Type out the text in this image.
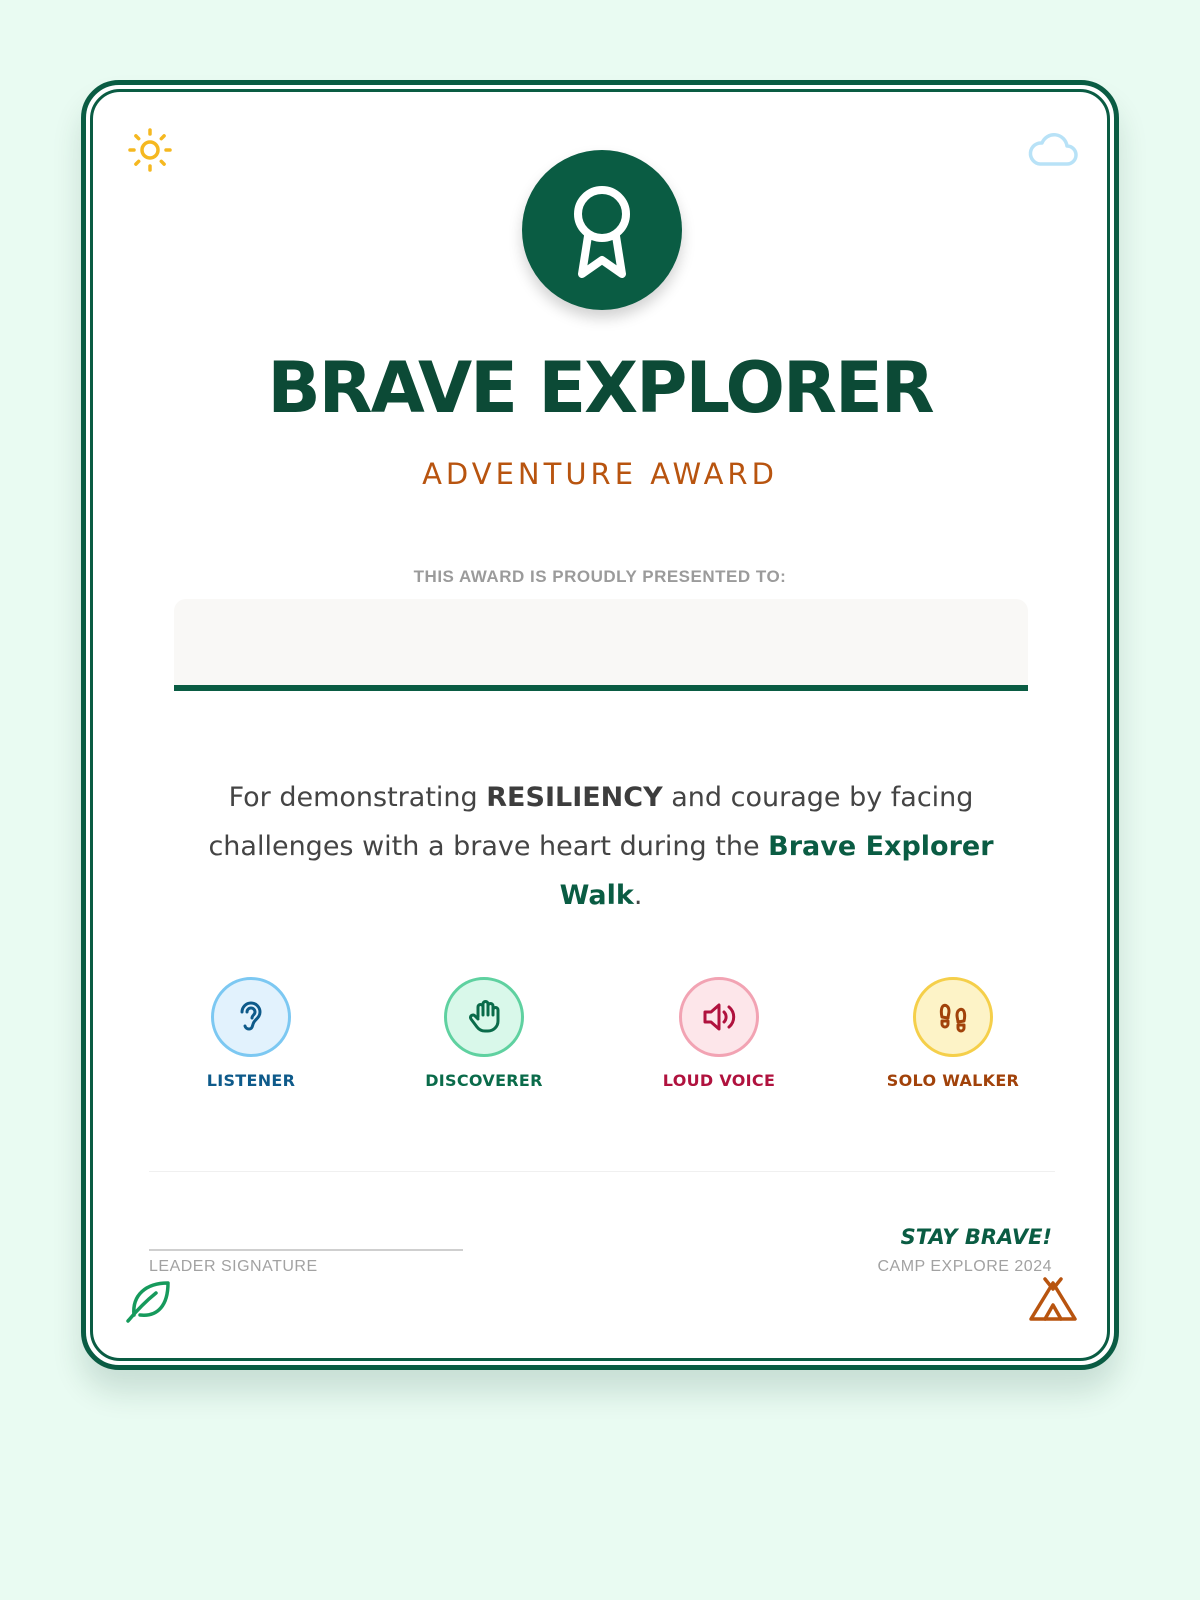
BRAVE EXPLORER
ADVENTURE AWARD
THIS AWARD IS PROUDLY PRESENTED TO:
For demonstrating RESILIENCY and courage by facing challenges with a brave heart during the Brave Explorer Walk.
LISTENER	DISCOVERER	LOUD VOICE	SOLO WALKER
LEADER SIGNATURE
STAY BRAVE!
CAMP EXPLORE 2024
